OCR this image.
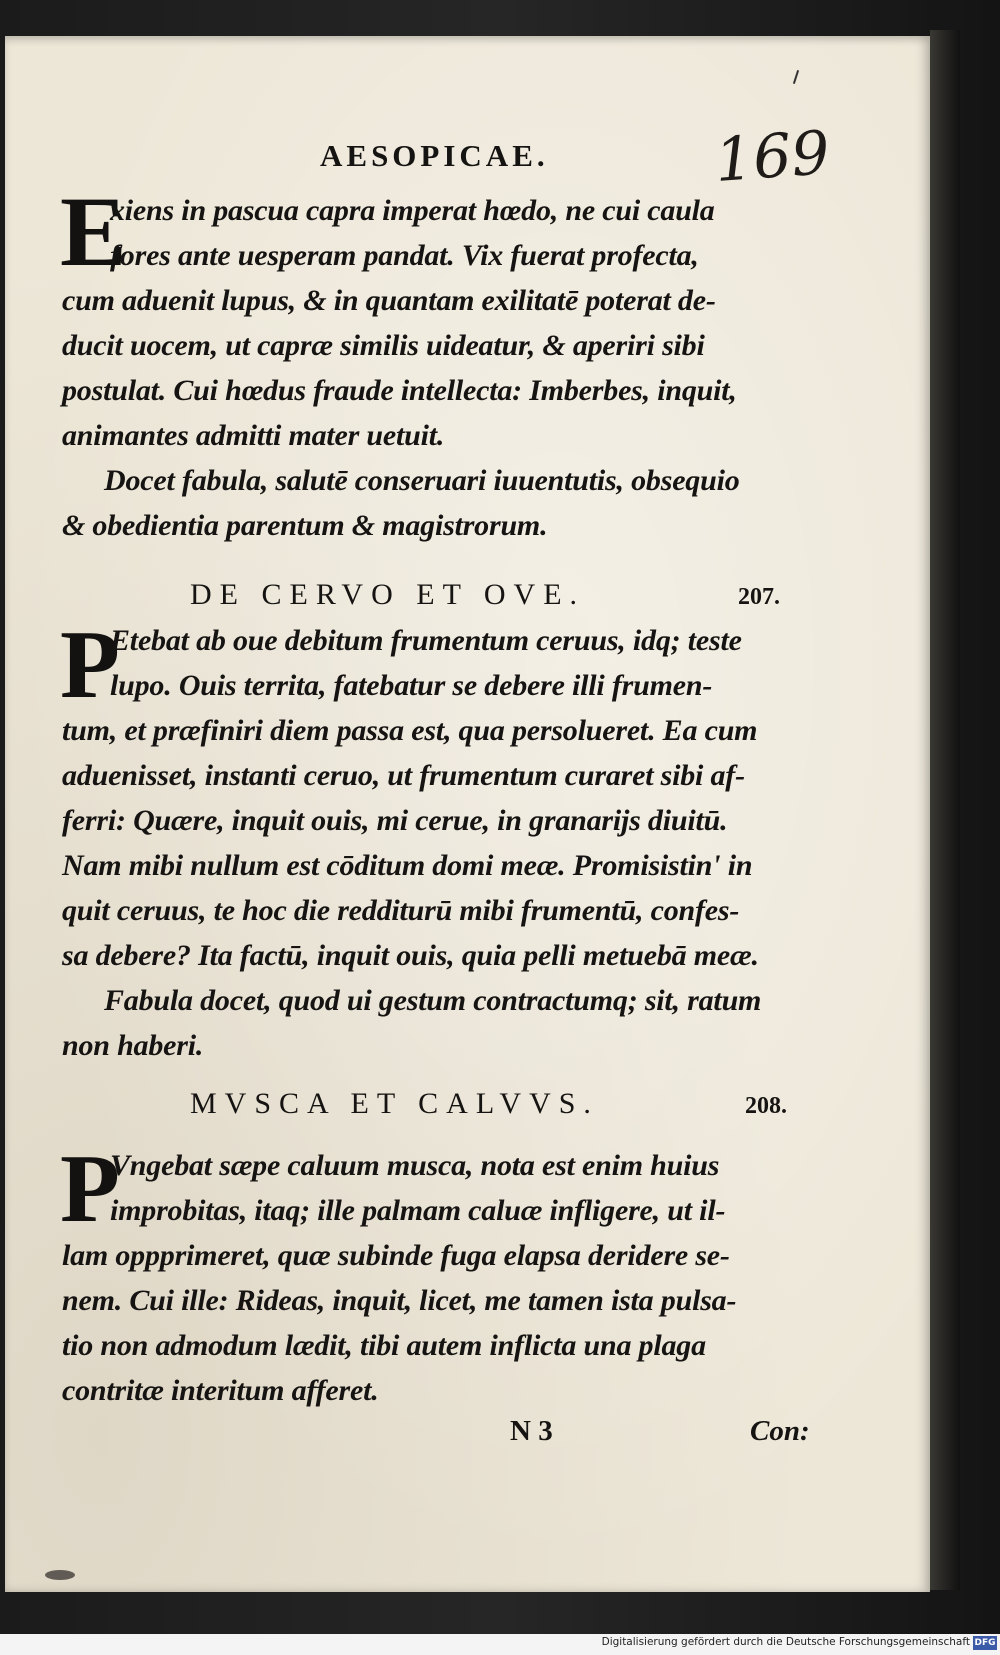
AESOPICAE.	169
E
xiens in pascua capra imperat hœdo, ne cui caula
fores ante uesperam pandat. Vix fuerat profecta,
cum aduenit lupus, & in quantam exilitatē poterat de-
ducit uocem, ut capræ similis uideatur, & aperiri sibi
postulat. Cui hœdus fraude intellecta: Imberbes, inquit,
animantes admitti mater uetuit.
Docet fabula, salutē conseruari iuuentutis, obsequio
& obedientia parentum & magistrorum.
DE CERVO ET OVE.	207.
P
Etebat ab oue debitum frumentum ceruus, idq; teste
lupo. Ouis territa, fatebatur se debere illi frumen-
tum, et præfiniri diem passa est, qua persolueret. Ea cum
aduenisset, instanti ceruo, ut frumentum curaret sibi af-
ferri: Quære, inquit ouis, mi cerue, in granarijs diuitū.
Nam mibi nullum est cōditum domi meæ. Promisistin' in
quit ceruus, te hoc die redditurū mibi frumentū, confes-
sa debere? Ita factū, inquit ouis, quia pelli metuebā meæ.
Fabula docet, quod ui gestum contractumq; sit, ratum
non haberi.
MVSCA ET CALVVS.	208.
P
Vngebat sæpe caluum musca, nota est enim huius
improbitas, itaq; ille palmam caluæ infligere, ut il-
lam oppprimeret, quæ subinde fuga elapsa deridere se-
nem. Cui ille: Rideas, inquit, licet, me tamen ista pulsa-
tio non admodum lædit, tibi autem inflicta una plaga
contritæ interitum afferet.
N 3	Con:
Digitalisierung gefördert durch die Deutsche Forschungsgemeinschaft DFG
